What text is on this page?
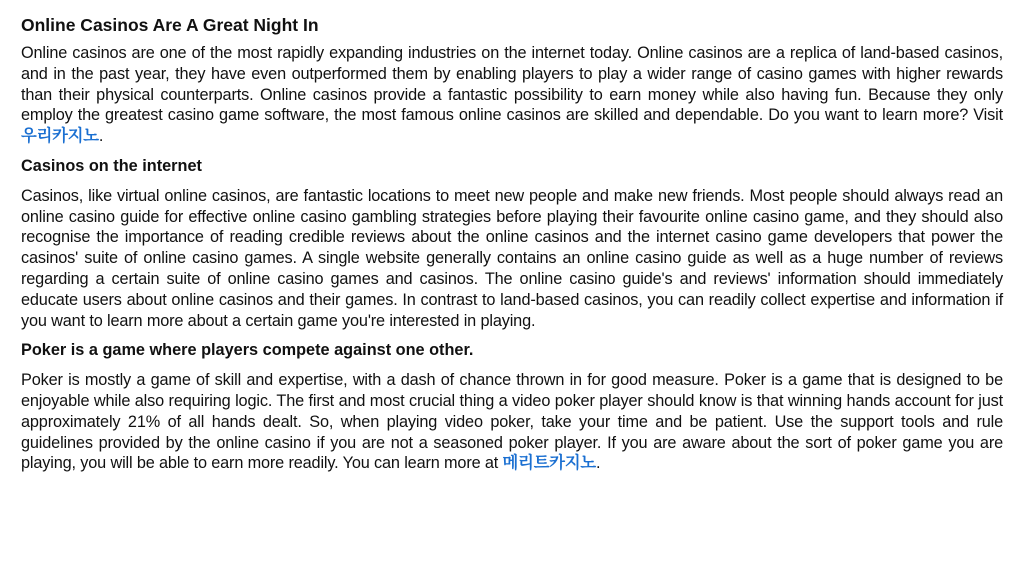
Online Casinos Are A Great Night In

Online casinos are one of the most rapidly expanding industries on the internet today. Online casinos are a replica of land-based casinos, and in the past year, they have even outperformed them by enabling players to play a wider range of casino games with higher rewards than their physical counterparts. Online casinos provide a fantastic possibility to earn money while also having fun. Because they only employ the greatest casino game software, the most famous online casinos are skilled and dependable. Do you want to learn more? Visit 우리카지노.

Casinos on the internet

Casinos, like virtual online casinos, are fantastic locations to meet new people and make new friends. Most people should always read an online casino guide for effective online casino gambling strategies before playing their favourite online casino game, and they should also recognise the importance of reading credible reviews about the online casinos and the internet casino game developers that power the casinos' suite of online casino games. A single website generally contains an online casino guide as well as a huge number of reviews regarding a certain suite of online casino games and casinos. The online casino guide's and reviews' information should immediately educate users about online casinos and their games. In contrast to land-based casinos, you can readily collect expertise and information if you want to learn more about a certain game you're interested in playing.

Poker is a game where players compete against one other.

Poker is mostly a game of skill and expertise, with a dash of chance thrown in for good measure. Poker is a game that is designed to be enjoyable while also requiring logic. The first and most crucial thing a video poker player should know is that winning hands account for just approximately 21% of all hands dealt. So, when playing video poker, take your time and be patient. Use the support tools and rule guidelines provided by the online casino if you are not a seasoned poker player. If you are aware about the sort of poker game you are playing, you will be able to earn more readily. You can learn more at 메리트카지노.
